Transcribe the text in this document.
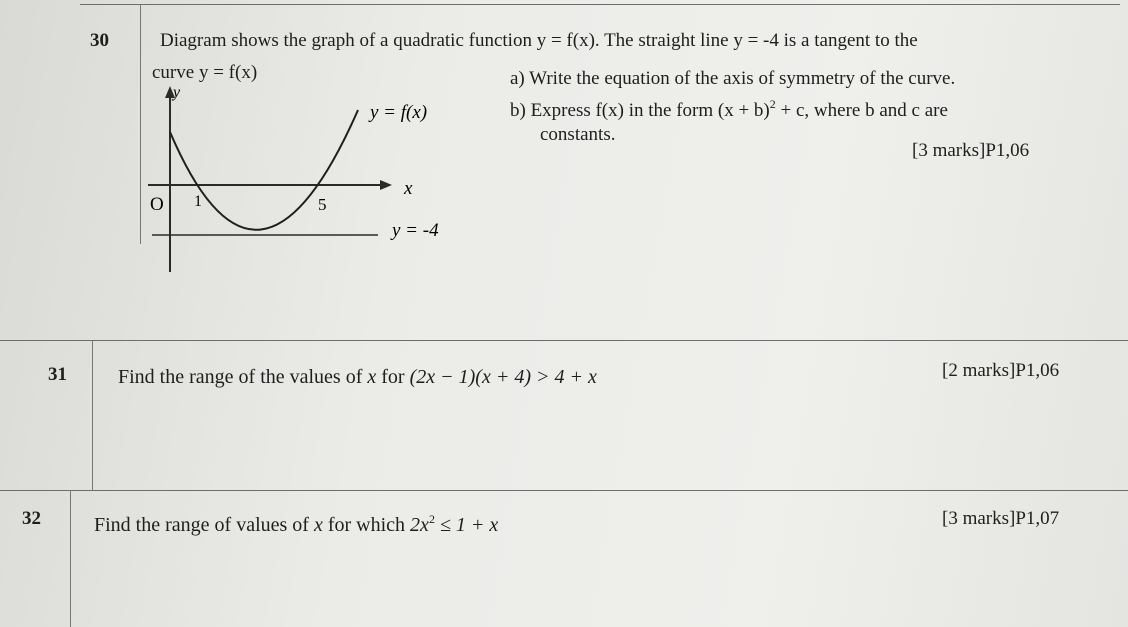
30	Diagram shows the graph of a quadratic function y = f(x). The straight line y = -4 is a tangent to the
curve y = f(x)	a) Write the equation of the axis of symmetry of the curve.
b) Express f(x) in the form $(x + b)^2 + c$, where b and c are
constants.
[3 marks]P1,06
y
y = f(x)
O 1	5
x
y = -4
31	Find the range of the values of x for (2x − 1)(x + 4) > 4 + x	[2 marks]P1,06
32	Find the range of values of x for which $2x^2 \le 1 + x$	[3 marks]P1,07
